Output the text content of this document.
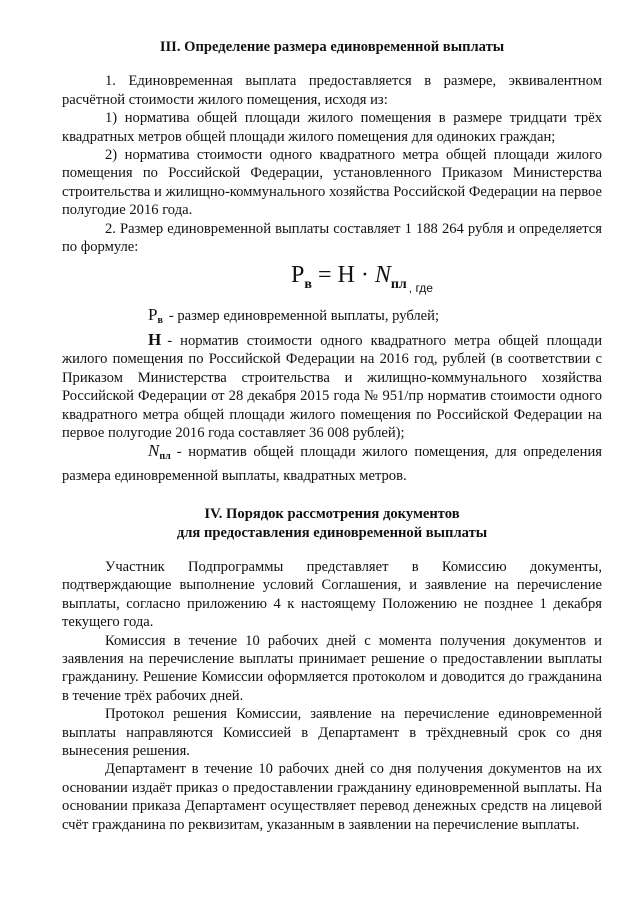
III. Определение размера единовременной выплаты

1. Единовременная выплата предоставляется в размере, эквивалентном расчётной стоимости жилого помещения, исходя из:

1) норматива общей площади жилого помещения в размере тридцати трёх квадратных метров общей площади жилого помещения для одиноких граждан;

2) норматива стоимости одного квадратного метра общей площади жилого помещения по Российской Федерации, установленного Приказом Министерства строительства и жилищно-коммунального хозяйства Российской Федерации на первое полугодие 2016 года.

2. Размер единовременной выплаты составляет 1 188 264 рубля и определяется по формуле:

$Р_в = Н \cdot N_{пл}$ $_{, где}$

$Р_в$ - размер единовременной выплаты, рублей;

Н - норматив стоимости одного квадратного метра общей площади жилого помещения по Российской Федерации на 2016 год, рублей (в соответствии с Приказом Министерства строительства и жилищно-коммунального хозяйства Российской Федерации от 28 декабря 2015 года № 951/пр норматив стоимости одного квадратного метра общей площади жилого помещения по Российской Федерации на первое полугодие 2016 года составляет 36 008 рублей);

$N_{пл}$ - норматив общей площади жилого помещения, для определения размера единовременной выплаты, квадратных метров.

IV. Порядок рассмотрения документов

для предоставления единовременной выплаты

Участник Подпрограммы представляет в Комиссию документы, подтверждающие выполнение условий Соглашения, и заявление на перечисление выплаты, согласно приложению 4 к настоящему Положению не позднее 1 декабря текущего года.

Комиссия в течение 10 рабочих дней с момента получения документов и заявления на перечисление выплаты принимает решение о предоставлении выплаты гражданину. Решение Комиссии оформляется протоколом и доводится до гражданина в течение трёх рабочих дней.

Протокол решения Комиссии, заявление на перечисление единовременной выплаты направляются Комиссией в Департамент в трёхдневный срок со дня вынесения решения.

Департамент в течение 10 рабочих дней со дня получения документов на их основании издаёт приказ о предоставлении гражданину единовременной выплаты. На основании приказа Департамент осуществляет перевод денежных средств на лицевой счёт гражданина по реквизитам, указанным в заявлении на перечисление выплаты.
